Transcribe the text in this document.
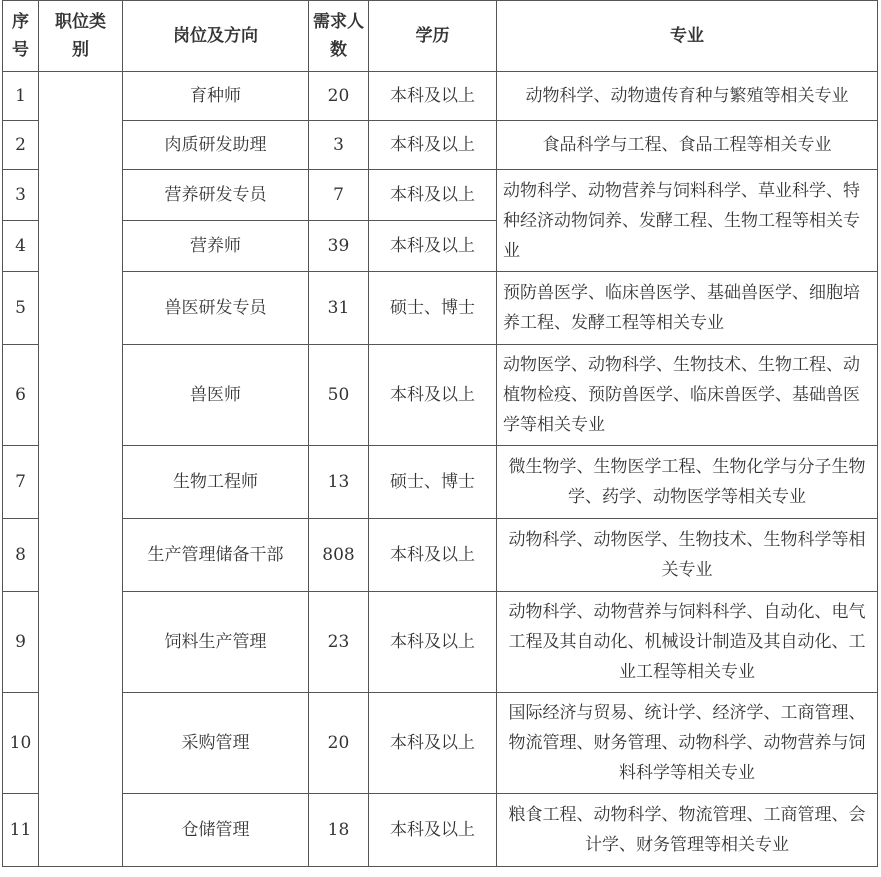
序号	职位类别	岗位及方向	需求人数	学历	专业
1		育种师	20	本科及以上	动物科学、动物遗传育种与繁殖等相关专业
2		肉质研发助理	3	本科及以上	食品科学与工程、食品工程等相关专业
3		营养研发专员	7	本科及以上	动物科学、动物营养与饲料科学、草业科学、特种经济动物饲养、发酵工程、生物工程等相关专业
4		营养师	39	本科及以上	
5		兽医研发专员	31	硕士、博士	预防兽医学、临床兽医学、基础兽医学、细胞培养工程、发酵工程等相关专业
6		兽医师	50	本科及以上	动物医学、动物科学、生物技术、生物工程、动植物检疫、预防兽医学、临床兽医学、基础兽医学等相关专业
7		生物工程师	13	硕士、博士	微生物学、生物医学工程、生物化学与分子生物学、药学、动物医学等相关专业
8		生产管理储备干部	808	本科及以上	动物科学、动物医学、生物技术、生物科学等相关专业
9		饲料生产管理	23	本科及以上	动物科学、动物营养与饲料科学、自动化、电气工程及其自动化、机械设计制造及其自动化、工业工程等相关专业
10		采购管理	20	本科及以上	国际经济与贸易、统计学、经济学、工商管理、物流管理、财务管理、动物科学、动物营养与饲料科学等相关专业
11		仓储管理	18	本科及以上	粮食工程、动物科学、物流管理、工商管理、会计学、财务管理等相关专业
